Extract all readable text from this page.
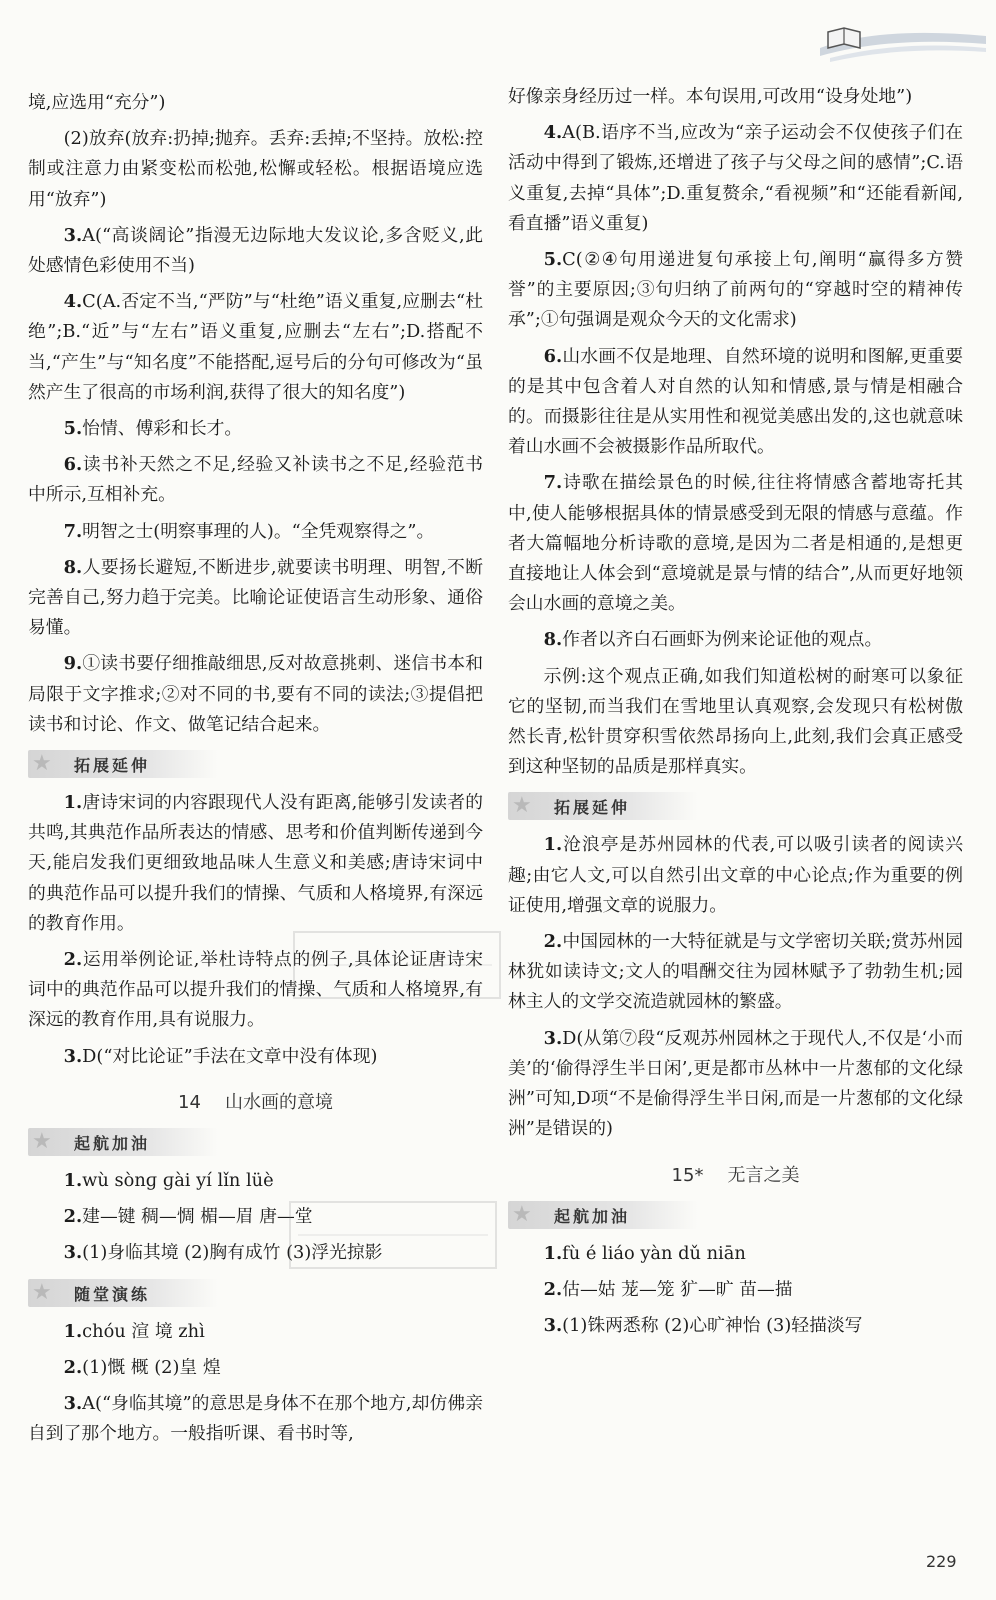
境,应选用“充分”)

(2)放弃(放弃:扔掉;抛弃。丢弃:丢掉;不坚持。放松:控制或注意力由紧变松而松弛,松懈或轻松。根据语境应选用“放弃”)

3.A(“高谈阔论”指漫无边际地大发议论,多含贬义,此处感情色彩使用不当)

4.C(A.否定不当,“严防”与“杜绝”语义重复,应删去“杜绝”;B.“近”与“左右”语义重复,应删去“左右”;D.搭配不当,“产生”与“知名度”不能搭配,逗号后的分句可修改为“虽然产生了很高的市场利润,获得了很大的知名度”)

5.怡情、傅彩和长才。

6.读书补天然之不足,经验又补读书之不足,经验范书中所示,互相补充。

7.明智之士(明察事理的人)。“全凭观察得之”。

8.人要扬长避短,不断进步,就要读书明理、明智,不断完善自己,努力趋于完美。比喻论证使语言生动形象、通俗易懂。

9.①读书要仔细推敲细思,反对故意挑刺、迷信书本和局限于文字推求;②对不同的书,要有不同的读法;③提倡把读书和讨论、作文、做笔记结合起来。

★ 拓展延伸

1.唐诗宋词的内容跟现代人没有距离,能够引发读者的共鸣,其典范作品所表达的情感、思考和价值判断传递到今天,能启发我们更细致地品味人生意义和美感;唐诗宋词中的典范作品可以提升我们的情操、气质和人格境界,有深远的教育作用。

2.运用举例论证,举杜诗特点的例子,具体论证唐诗宋词中的典范作品可以提升我们的情操、气质和人格境界,有深远的教育作用,具有说服力。

3.D(“对比论证”手法在文章中没有体现)

14 山水画的意境
★ 起航加油

1.wù sònɡ ɡài yí lǐn lüè

2.建—键 稠—惆 楣—眉 唐—堂

3.(1)身临其境 (2)胸有成竹 (3)浮光掠影

★ 随堂演练

1.chóu 渲 境 zhì

2.(1)慨 概 (2)皇 煌

3.A(“身临其境”的意思是身体不在那个地方,却仿佛亲自到了那个地方。一般指听课、看书时等,

好像亲身经历过一样。本句误用,可改用“设身处地”)

4.A(B.语序不当,应改为“亲子运动会不仅使孩子们在活动中得到了锻炼,还增进了孩子与父母之间的感情”;C.语义重复,去掉“具体”;D.重复赘余,“看视频”和“还能看新闻,看直播”语义重复)

5.C(②④句用递进复句承接上句,阐明“赢得多方赞誉”的主要原因;③句归纳了前两句的“穿越时空的精神传承”;①句强调是观众今天的文化需求)

6.山水画不仅是地理、自然环境的说明和图解,更重要的是其中包含着人对自然的认知和情感,景与情是相融合的。而摄影往往是从实用性和视觉美感出发的,这也就意味着山水画不会被摄影作品所取代。

7.诗歌在描绘景色的时候,往往将情感含蓄地寄托其中,使人能够根据具体的情景感受到无限的情感与意蕴。作者大篇幅地分析诗歌的意境,是因为二者是相通的,是想更直接地让人体会到“意境就是景与情的结合”,从而更好地领会山水画的意境之美。

8.作者以齐白石画虾为例来论证他的观点。

示例:这个观点正确,如我们知道松树的耐寒可以象征它的坚韧,而当我们在雪地里认真观察,会发现只有松树傲然长青,松针贯穿积雪依然昂扬向上,此刻,我们会真正感受到这种坚韧的品质是那样真实。

★ 拓展延伸

1.沧浪亭是苏州园林的代表,可以吸引读者的阅读兴趣;由它人文,可以自然引出文章的中心论点;作为重要的例证使用,增强文章的说服力。

2.中国园林的一大特征就是与文学密切关联;赏苏州园林犹如读诗文;文人的唱酬交往为园林赋予了勃勃生机;园林主人的文学交流造就园林的繁盛。

3.D(从第⑦段“反观苏州园林之于现代人,不仅是‘小而美’的‘偷得浮生半日闲’,更是都市丛林中一片葱郁的文化绿洲”可知,D项“不是偷得浮生半日闲,而是一片葱郁的文化绿洲”是错误的)

15* 无言之美
★ 起航加油

1.fù é liáo yàn dǔ niān

2.估—姑 茏—笼 犷—旷 苗—描

3.(1)铢两悉称 (2)心旷神怡 (3)轻描淡写

229
